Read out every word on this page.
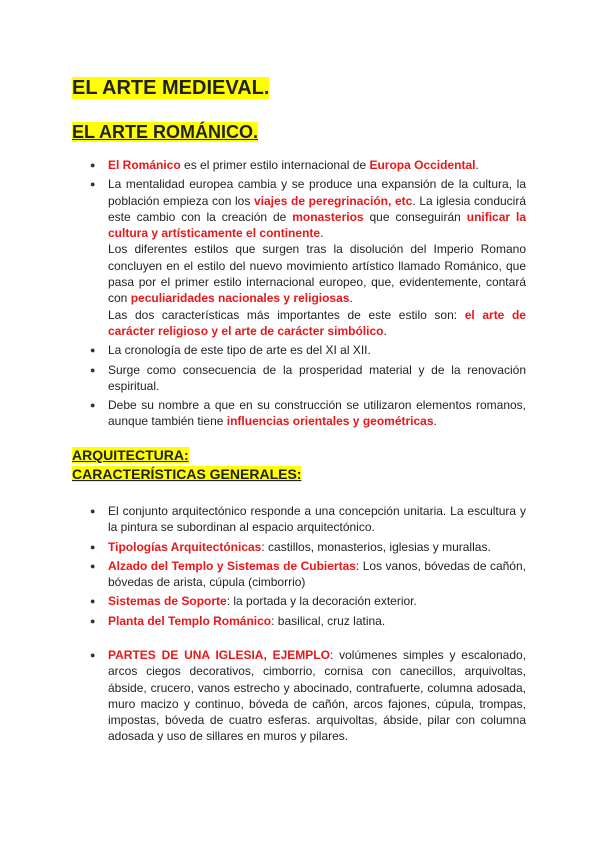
EL ARTE MEDIEVAL.
EL ARTE ROMÁNICO.
● El Románico es el primer estilo internacional de Europa Occidental.

● La mentalidad europea cambia y se produce una expansión de la cultura, la población empieza con los viajes de peregrinación, etc. La iglesia conducirá este cambio con la creación de monasterios que conseguirán unificar la cultura y artísticamente el continente.

Los diferentes estilos que surgen tras la disolución del Imperio Romano concluyen en el estilo del nuevo movimiento artístico llamado Románico, que pasa por el primer estilo internacional europeo, que, evidentemente, contará con peculiaridades nacionales y religiosas.

Las dos características más importantes de este estilo son: el arte de carácter religioso y el arte de carácter simbólico.

● La cronología de este tipo de arte es del XI al XII.
● Surge como consecuencia de la prosperidad material y de la renovación espiritual.
● Debe su nombre a que en su construcción se utilizaron elementos romanos, aunque también tiene influencias orientales y geométricas.
ARQUITECTURA:
CARACTERÍSTICAS GENERALES:
● El conjunto arquitectónico responde a una concepción unitaria. La escultura y la pintura se subordinan al espacio arquitectónico.
● Tipologías Arquitectónicas: castillos, monasterios, iglesias y murallas.
● Alzado del Templo y Sistemas de Cubiertas: Los vanos, bóvedas de cañón, bóvedas de arista, cúpula (cimborrio)
● Sistemas de Soporte: la portada y la decoración exterior.
● Planta del Templo Románico: basilical, cruz latina.
● PARTES DE UNA IGLESIA, EJEMPLO: volúmenes simples y escalonado, arcos ciegos decorativos, cimborrio, cornisa con canecillos, arquivoltas, ábside, crucero, vanos estrecho y abocinado, contrafuerte, columna adosada, muro macizo y continuo, bóveda de cañón, arcos fajones, cúpula, trompas, impostas, bóveda de cuatro esferas. arquivoltas, ábside, pilar con columna adosada y uso de sillares en muros y pilares.
